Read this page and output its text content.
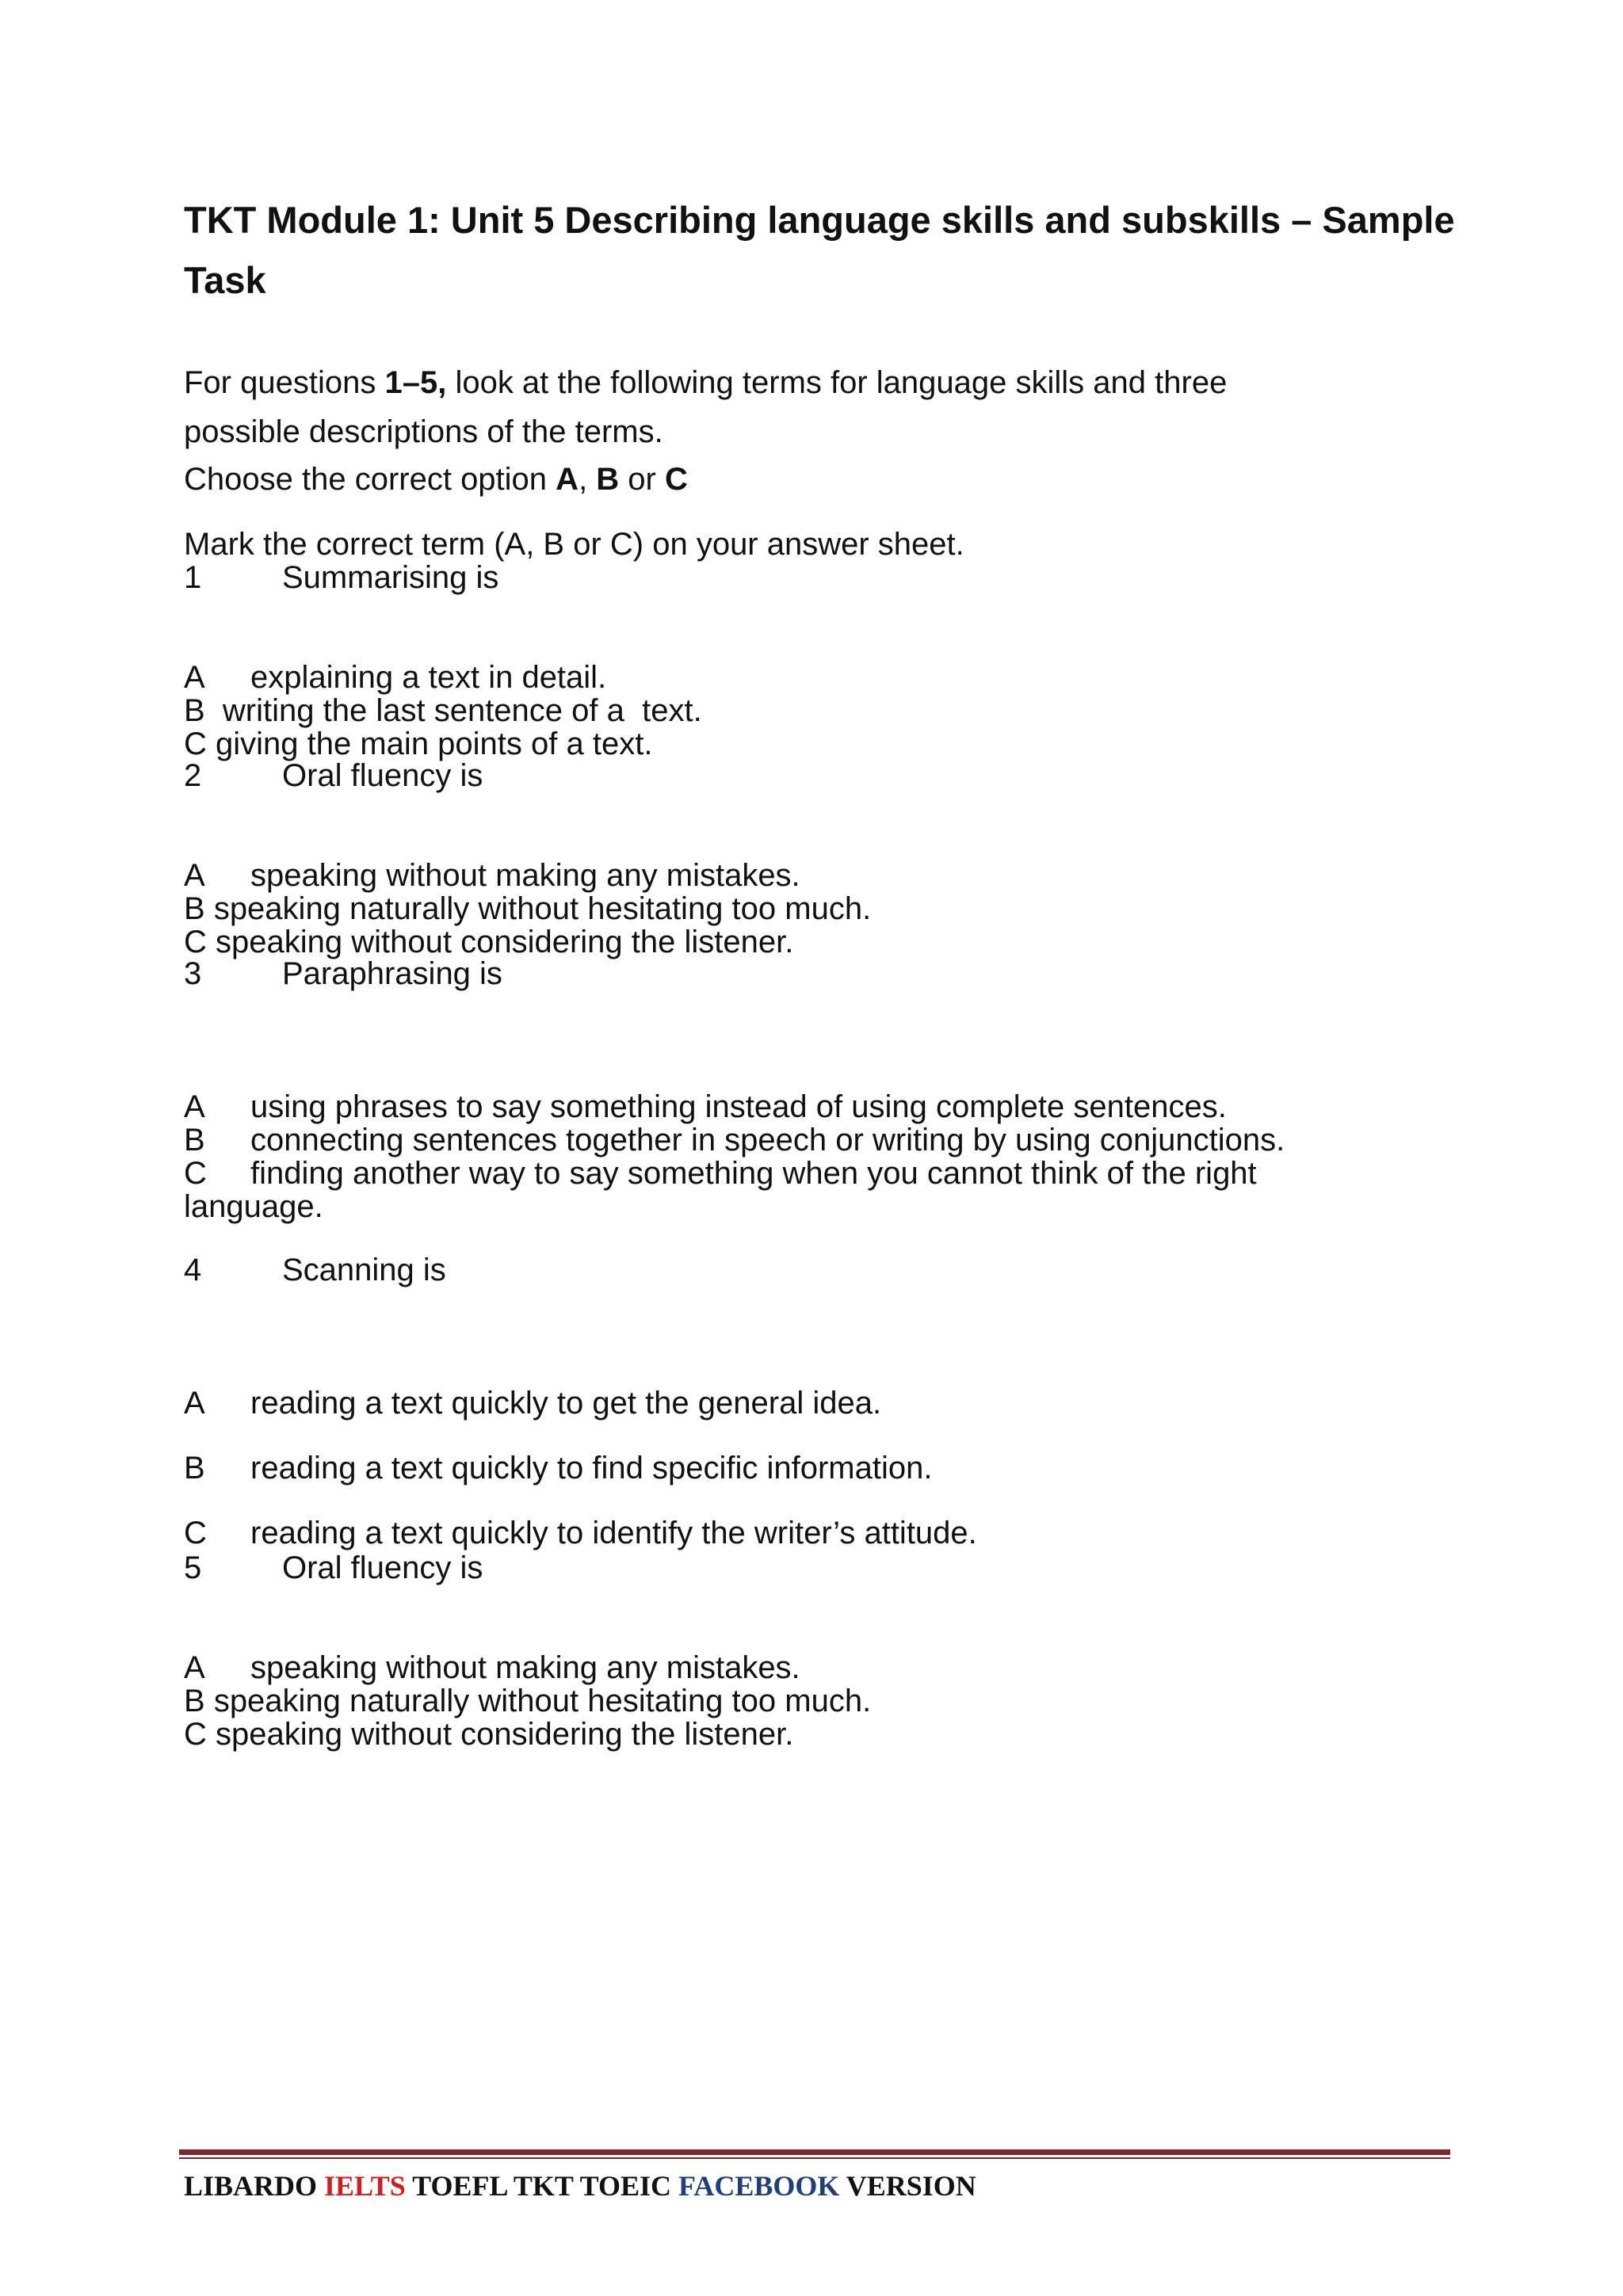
TKT Module 1: Unit 5 Describing language skills and subskills – Sample Task
For questions 1–5, look at the following terms for language skills and three
possible descriptions of the terms.
Choose the correct option A, B or C
Mark the correct term (A, B or C) on your answer sheet.
1	Summarising is

A explaining a text in detail.
B writing the last sentence of a  text.
C giving the main points of a text.
2	Oral fluency is

A speaking without making any mistakes.
B speaking naturally without hesitating too much.
C speaking without considering the listener.
3	Paraphrasing is

A using phrases to say something instead of using complete sentences.
B connecting sentences together in speech or writing by using conjunctions.
C finding another way to say something when you cannot think of the right
language.
4	Scanning is

A reading a text quickly to get the general idea.
B reading a text quickly to find specific information.
C reading a text quickly to identify the writer’s attitude.
5	Oral fluency is

A speaking without making any mistakes.
B speaking naturally without hesitating too much.
C speaking without considering the listener.
LIBARDO IELTS TOEFL TKT TOEIC FACEBOOK VERSION
